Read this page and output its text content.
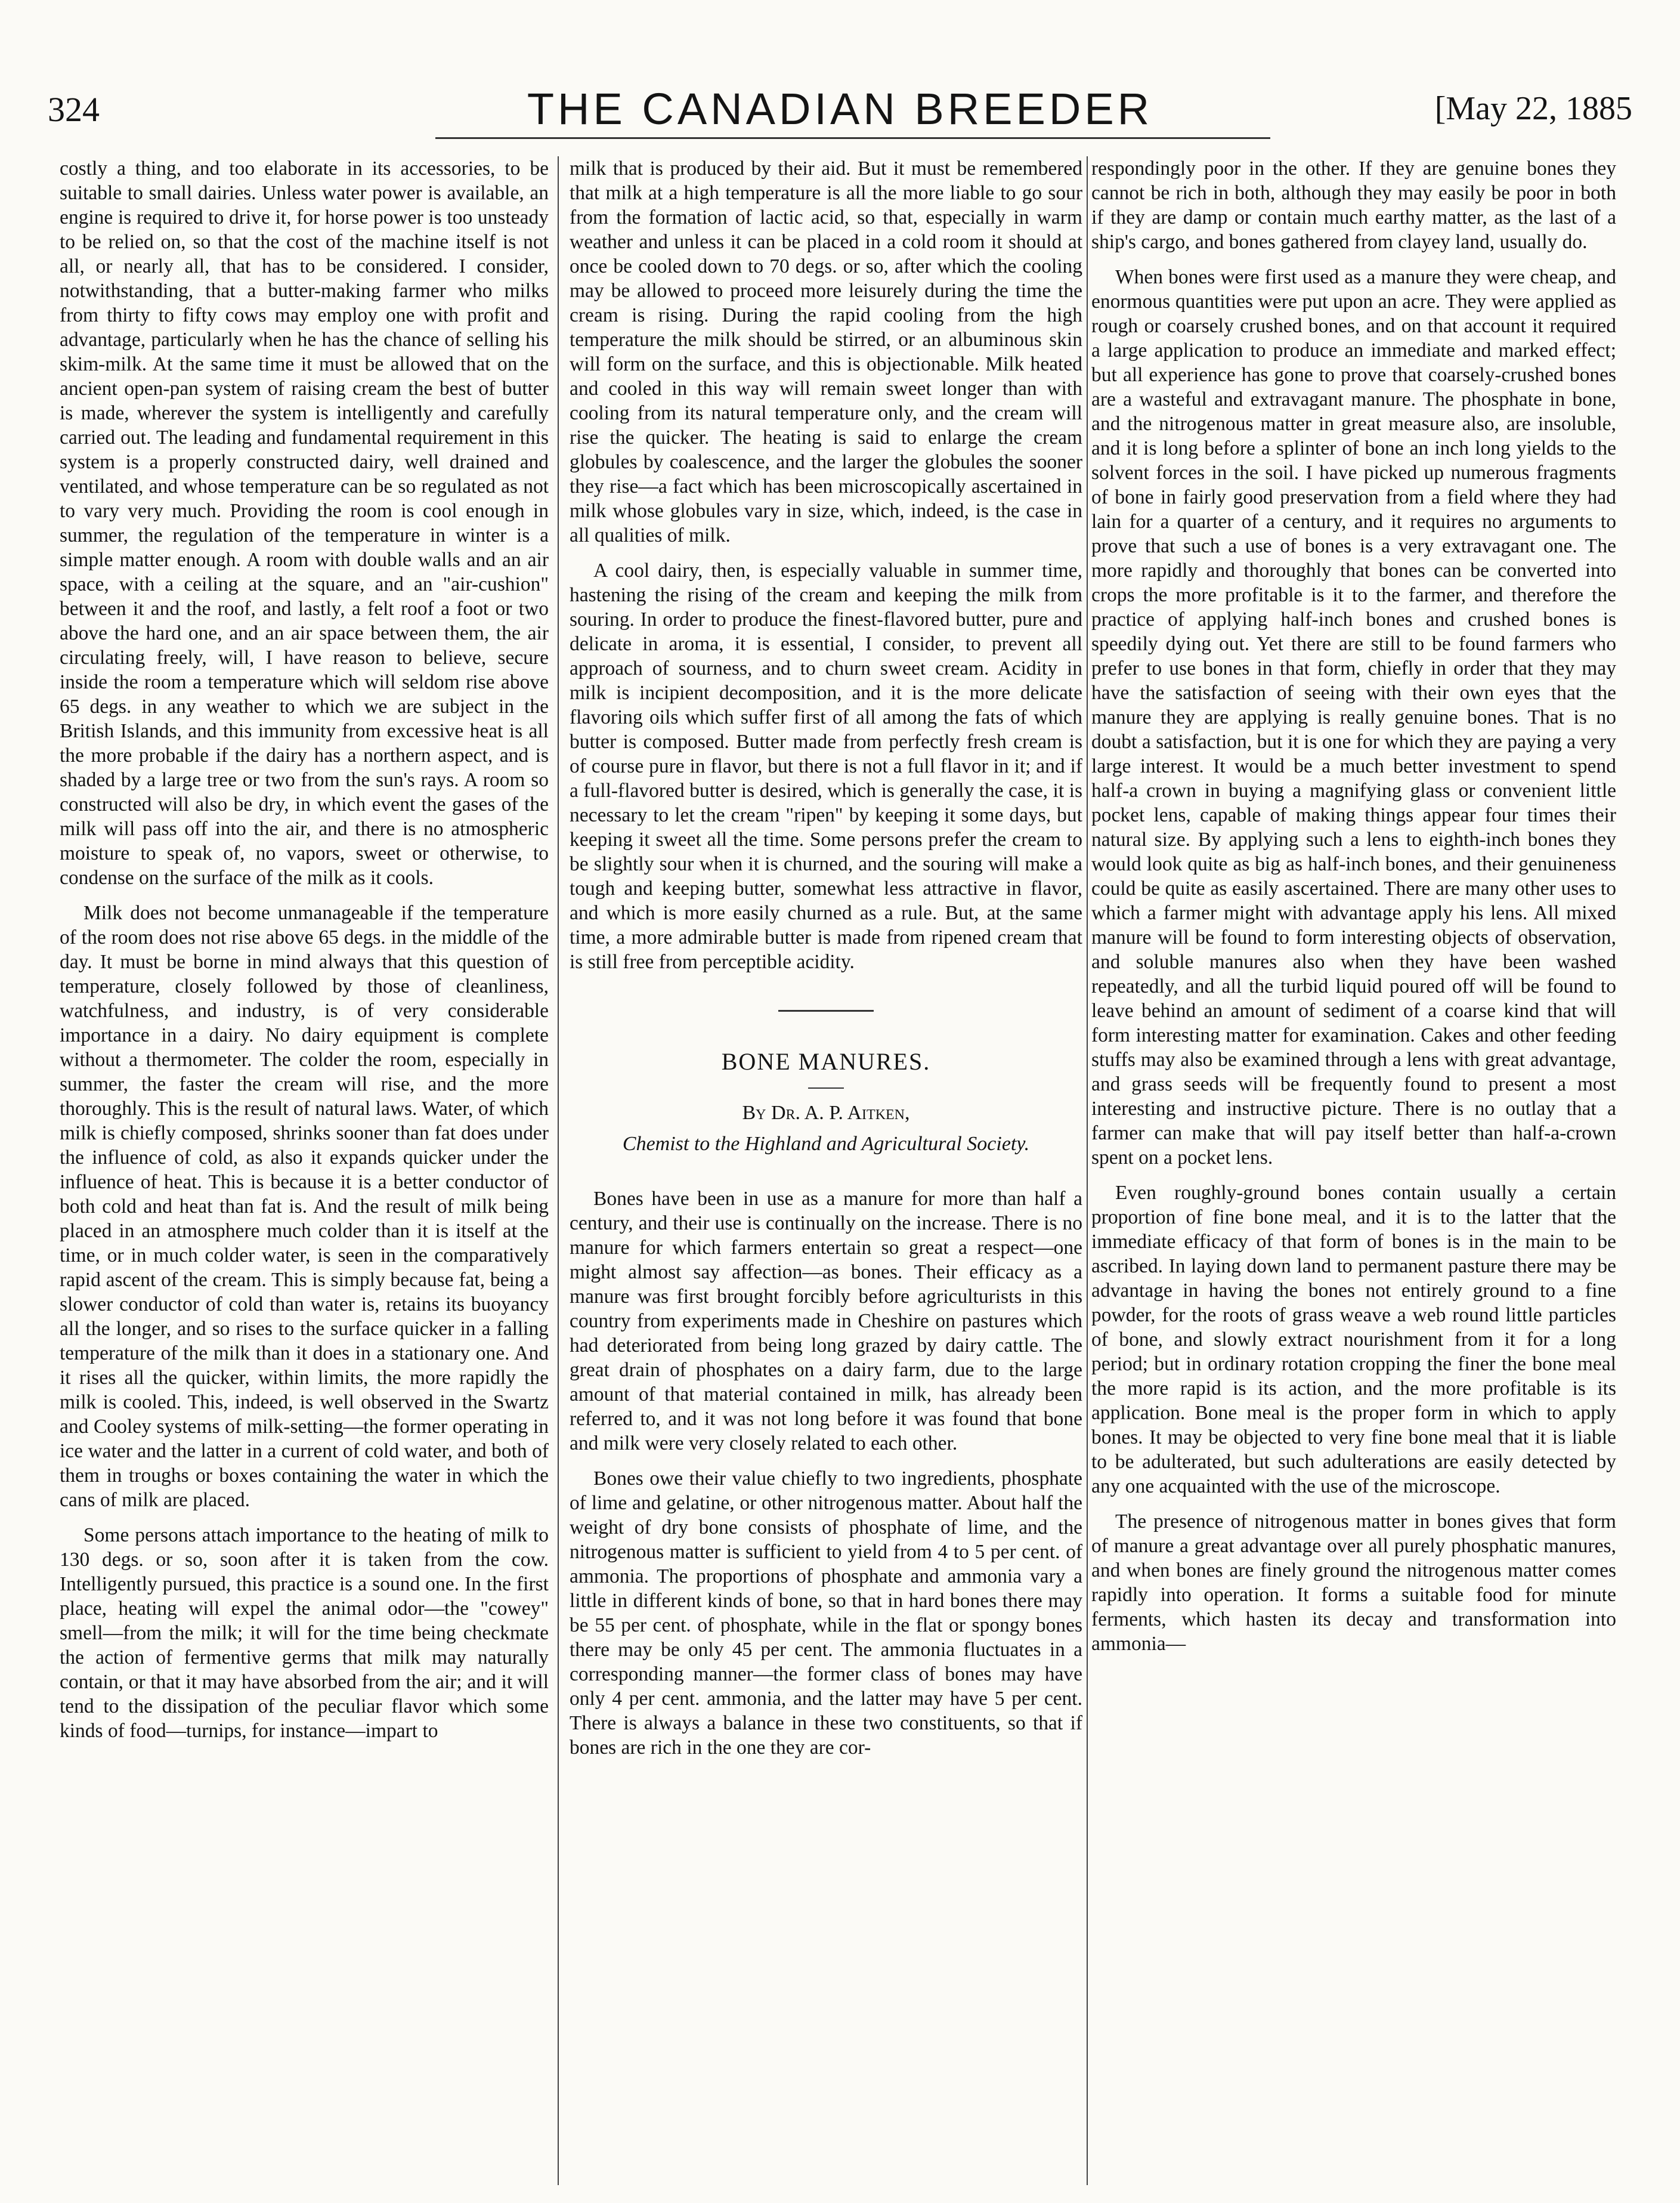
324	THE CANADIAN BREEDER	[May 22, 1885

costly a thing, and too elaborate in its accessories, to be suitable to small dairies. Unless water power is available, an engine is required to drive it, for horse power is too unsteady to be relied on, so that the cost of the machine itself is not all, or nearly all, that has to be considered. I consider, notwithstanding, that a butter-making farmer who milks from thirty to fifty cows may employ one with profit and advantage, particularly when he has the chance of selling his skim-milk. At the same time it must be allowed that on the ancient open-pan system of raising cream the best of butter is made, wherever the system is intelligently and carefully carried out. The leading and fundamental requirement in this system is a properly constructed dairy, well drained and ventilated, and whose temperature can be so regulated as not to vary very much. Providing the room is cool enough in summer, the regulation of the temperature in winter is a simple matter enough. A room with double walls and an air space, with a ceiling at the square, and an "air-cushion" between it and the roof, and lastly, a felt roof a foot or two above the hard one, and an air space between them, the air circulating freely, will, I have reason to believe, secure inside the room a temperature which will seldom rise above 65 degs. in any weather to which we are subject in the British Islands, and this immunity from excessive heat is all the more probable if the dairy has a northern aspect, and is shaded by a large tree or two from the sun's rays. A room so constructed will also be dry, in which event the gases of the milk will pass off into the air, and there is no atmospheric moisture to speak of, no vapors, sweet or otherwise, to condense on the surface of the milk as it cools.

Milk does not become unmanageable if the temperature of the room does not rise above 65 degs. in the middle of the day. It must be borne in mind always that this question of temperature, closely followed by those of cleanliness, watchfulness, and industry, is of very considerable importance in a dairy. No dairy equipment is complete without a thermometer. The colder the room, especially in summer, the faster the cream will rise, and the more thoroughly. This is the result of natural laws. Water, of which milk is chiefly composed, shrinks sooner than fat does under the influence of cold, as also it expands quicker under the influence of heat. This is because it is a better conductor of both cold and heat than fat is. And the result of milk being placed in an atmosphere much colder than it is itself at the time, or in much colder water, is seen in the comparatively rapid ascent of the cream. This is simply because fat, being a slower conductor of cold than water is, retains its buoyancy all the longer, and so rises to the surface quicker in a falling temperature of the milk than it does in a stationary one. And it rises all the quicker, within limits, the more rapidly the milk is cooled. This, indeed, is well observed in the Swartz and Cooley systems of milk-setting—the former operating in ice water and the latter in a current of cold water, and both of them in troughs or boxes containing the water in which the cans of milk are placed.

Some persons attach importance to the heating of milk to 130 degs. or so, soon after it is taken from the cow. Intelligently pursued, this practice is a sound one. In the first place, heating will expel the animal odor—the "cowey" smell—from the milk; it will for the time being checkmate the action of fermentive germs that milk may naturally contain, or that it may have absorbed from the air; and it will tend to the dissipation of the peculiar flavor which some kinds of food—turnips, for instance—impart to

milk that is produced by their aid. But it must be remembered that milk at a high temperature is all the more liable to go sour from the formation of lactic acid, so that, especially in warm weather and unless it can be placed in a cold room it should at once be cooled down to 70 degs. or so, after which the cooling may be allowed to proceed more leisurely during the time the cream is rising. During the rapid cooling from the high temperature the milk should be stirred, or an albuminous skin will form on the surface, and this is objectionable. Milk heated and cooled in this way will remain sweet longer than with cooling from its natural temperature only, and the cream will rise the quicker. The heating is said to enlarge the cream globules by coalescence, and the larger the globules the sooner they rise—a fact which has been microscopically ascertained in milk whose globules vary in size, which, indeed, is the case in all qualities of milk.

A cool dairy, then, is especially valuable in summer time, hastening the rising of the cream and keeping the milk from souring. In order to produce the finest-flavored butter, pure and delicate in aroma, it is essential, I consider, to prevent all approach of sourness, and to churn sweet cream. Acidity in milk is incipient decomposition, and it is the more delicate flavoring oils which suffer first of all among the fats of which butter is composed. Butter made from perfectly fresh cream is of course pure in flavor, but there is not a full flavor in it; and if a full-flavored butter is desired, which is generally the case, it is necessary to let the cream "ripen" by keeping it some days, but keeping it sweet all the time. Some persons prefer the cream to be slightly sour when it is churned, and the souring will make a tough and keeping butter, somewhat less attractive in flavor, and which is more easily churned as a rule. But, at the same time, a more admirable butter is made from ripened cream that is still free from perceptible acidity.

BONE MANURES.
By Dr. A. P. Aitken,
Chemist to the Highland and Agricultural Society.

Bones have been in use as a manure for more than half a century, and their use is continually on the increase. There is no manure for which farmers entertain so great a respect—one might almost say affection—as bones. Their efficacy as a manure was first brought forcibly before agriculturists in this country from experiments made in Cheshire on pastures which had deteriorated from being long grazed by dairy cattle. The great drain of phosphates on a dairy farm, due to the large amount of that material contained in milk, has already been referred to, and it was not long before it was found that bone and milk were very closely related to each other.

Bones owe their value chiefly to two ingredients, phosphate of lime and gelatine, or other nitrogenous matter. About half the weight of dry bone consists of phosphate of lime, and the nitrogenous matter is sufficient to yield from 4 to 5 per cent. of ammonia. The proportions of phosphate and ammonia vary a little in different kinds of bone, so that in hard bones there may be 55 per cent. of phosphate, while in the flat or spongy bones there may be only 45 per cent. The ammonia fluctuates in a corresponding manner—the former class of bones may have only 4 per cent. ammonia, and the latter may have 5 per cent. There is always a balance in these two constituents, so that if bones are rich in the one they are cor-

respondingly poor in the other. If they are genuine bones they cannot be rich in both, although they may easily be poor in both if they are damp or contain much earthy matter, as the last of a ship's cargo, and bones gathered from clayey land, usually do.

When bones were first used as a manure they were cheap, and enormous quantities were put upon an acre. They were applied as rough or coarsely crushed bones, and on that account it required a large application to produce an immediate and marked effect; but all experience has gone to prove that coarsely-crushed bones are a wasteful and extravagant manure. The phosphate in bone, and the nitrogenous matter in great measure also, are insoluble, and it is long before a splinter of bone an inch long yields to the solvent forces in the soil. I have picked up numerous fragments of bone in fairly good preservation from a field where they had lain for a quarter of a century, and it requires no arguments to prove that such a use of bones is a very extravagant one. The more rapidly and thoroughly that bones can be converted into crops the more profitable is it to the farmer, and therefore the practice of applying half-inch bones and crushed bones is speedily dying out. Yet there are still to be found farmers who prefer to use bones in that form, chiefly in order that they may have the satisfaction of seeing with their own eyes that the manure they are applying is really genuine bones. That is no doubt a satisfaction, but it is one for which they are paying a very large interest. It would be a much better investment to spend half-a crown in buying a magnifying glass or convenient little pocket lens, capable of making things appear four times their natural size. By applying such a lens to eighth-inch bones they would look quite as big as half-inch bones, and their genuineness could be quite as easily ascertained. There are many other uses to which a farmer might with advantage apply his lens. All mixed manure will be found to form interesting objects of observation, and soluble manures also when they have been washed repeatedly, and all the turbid liquid poured off will be found to leave behind an amount of sediment of a coarse kind that will form interesting matter for examination. Cakes and other feeding stuffs may also be examined through a lens with great advantage, and grass seeds will be frequently found to present a most interesting and instructive picture. There is no outlay that a farmer can make that will pay itself better than half-a-crown spent on a pocket lens.

Even roughly-ground bones contain usually a certain proportion of fine bone meal, and it is to the latter that the immediate efficacy of that form of bones is in the main to be ascribed. In laying down land to permanent pasture there may be advantage in having the bones not entirely ground to a fine powder, for the roots of grass weave a web round little particles of bone, and slowly extract nourishment from it for a long period; but in ordinary rotation cropping the finer the bone meal the more rapid is its action, and the more profitable is its application. Bone meal is the proper form in which to apply bones. It may be objected to very fine bone meal that it is liable to be adulterated, but such adulterations are easily detected by any one acquainted with the use of the microscope.

The presence of nitrogenous matter in bones gives that form of manure a great advantage over all purely phosphatic manures, and when bones are finely ground the nitrogenous matter comes rapidly into operation. It forms a suitable food for minute ferments, which hasten its decay and transformation into ammonia—
